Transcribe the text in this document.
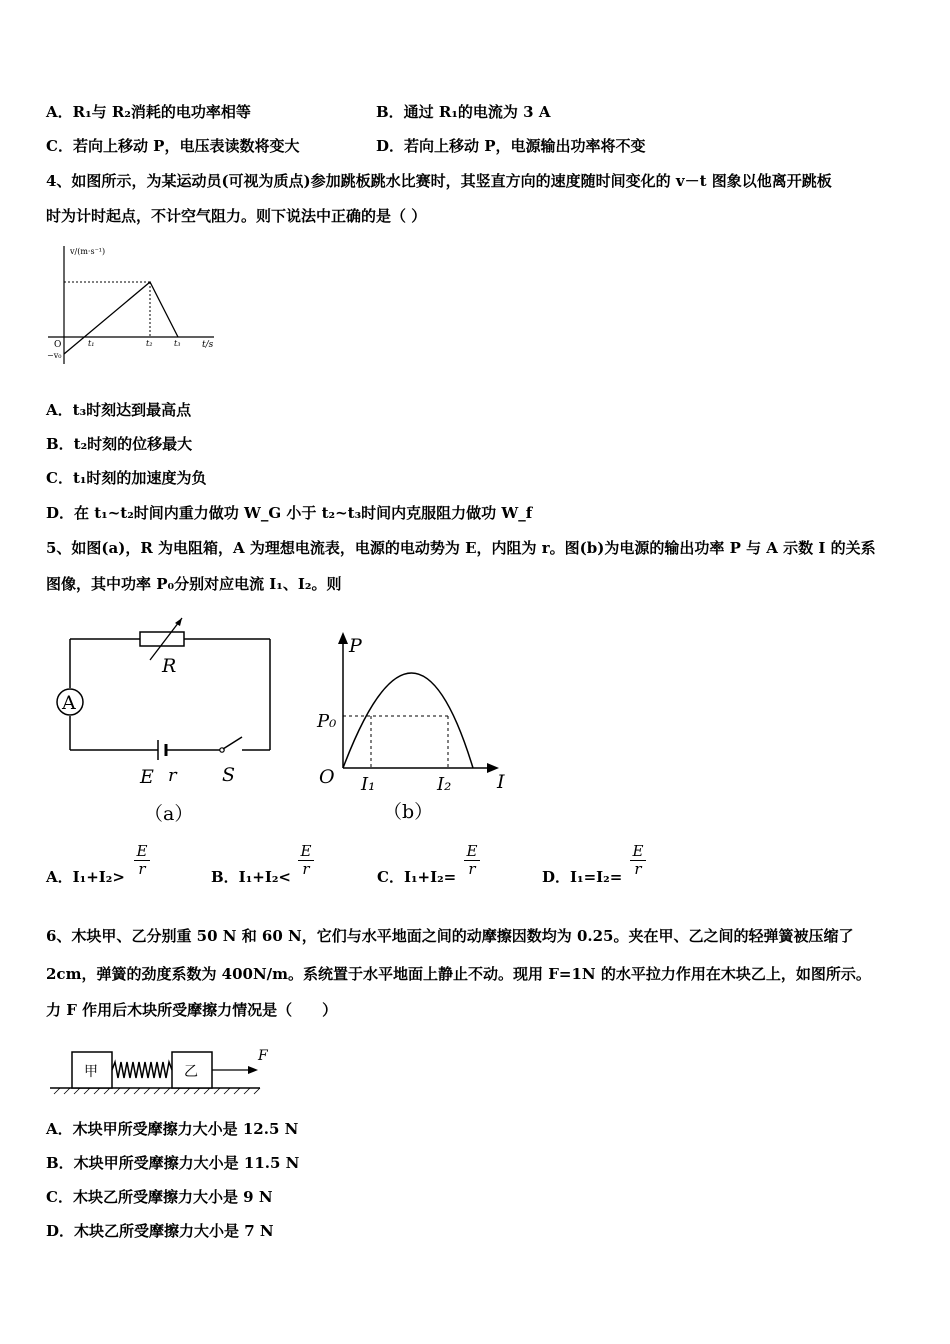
A．R₁与 R₂消耗的电功率相等	B．通过 R₁的电流为 3 A
C．若向上移动 P，电压表读数将变大	D．若向上移动 P，电源输出功率将不变
4、如图所示，为某运动员(可视为质点)参加跳板跳水比赛时，其竖直方向的速度随时间变化的 v－t 图象以他离开跳板
时为计时起点，不计空气阻力。则下说法中正确的是（ ）
v/(m·s⁻¹)
t/s
O
−v₀
t₁	t₂	t₃
A．t₃时刻达到最高点
B．t₂时刻的位移最大
C．t₁时刻的加速度为负
D．在 t₁~t₂时间内重力做功 W_G 小于 t₂~t₃时间内克服阻力做功 W_f
5、如图(a)，R 为电阻箱，A 为理想电流表，电源的电动势为 E，内阻为 r。图(b)为电源的输出功率 P 与 A 示数 I 的关系
图像，其中功率 P₀分别对应电流 I₁、I₂。则
R
A
E r S
（a）
P
P₀
O I₁	I₂ I
（b）
A．$I_1+I_2> \frac{E}{r}$	B．$I_1+I_2< \frac{E}{r}$	C．$I_1+I_2= \frac{E}{r}$	D．$I_1=I_2= \frac{E}{r}$
6、木块甲、乙分别重 50 N 和 60 N，它们与水平地面之间的动摩擦因数均为 0.25。夹在甲、乙之间的轻弹簧被压缩了
2cm，弹簧的劲度系数为 400N/m。系统置于水平地面上静止不动。现用 F=1N 的水平拉力作用在木块乙上，如图所示。
力 F 作用后木块所受摩擦力情况是（　　）
甲	乙
F
A．木块甲所受摩擦力大小是 12.5 N
B．木块甲所受摩擦力大小是 11.5 N
C．木块乙所受摩擦力大小是 9 N
D．木块乙所受摩擦力大小是 7 N
